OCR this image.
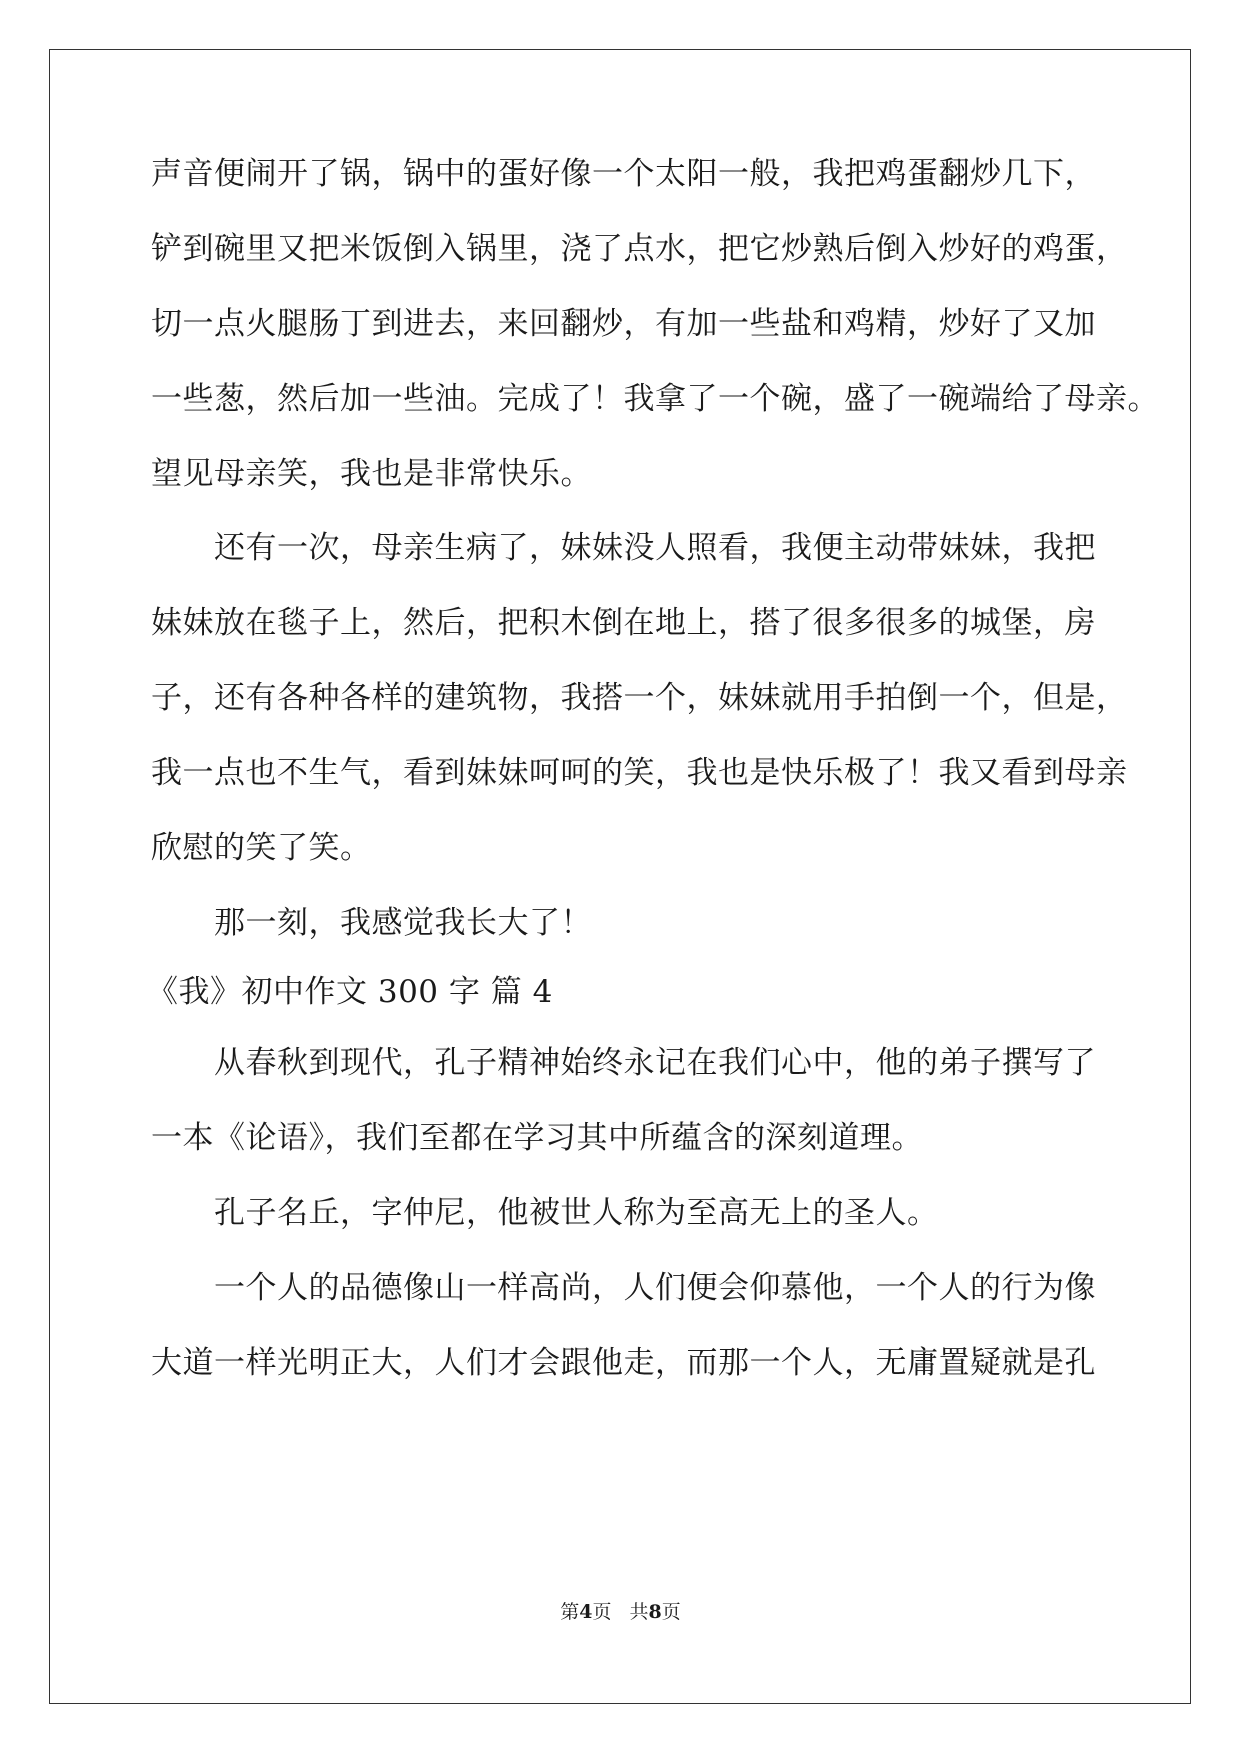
声音便闹开了锅，锅中的蛋好像一个太阳一般，我把鸡蛋翻炒几下，
铲到碗里又把米饭倒入锅里，浇了点水，把它炒熟后倒入炒好的鸡蛋，
切一点火腿肠丁到进去，来回翻炒，有加一些盐和鸡精，炒好了又加
一些葱，然后加一些油。完成了！我拿了一个碗，盛了一碗端给了母亲。
望见母亲笑，我也是非常快乐。
还有一次，母亲生病了，妹妹没人照看，我便主动带妹妹，我把
妹妹放在毯子上，然后，把积木倒在地上，搭了很多很多的城堡，房
子，还有各种各样的建筑物，我搭一个，妹妹就用手拍倒一个，但是，
我一点也不生气，看到妹妹呵呵的笑，我也是快乐极了！我又看到母亲
欣慰的笑了笑。
那一刻，我感觉我长大了！
《我》初中作文 300 字 篇 4
从春秋到现代，孔子精神始终永记在我们心中，他的弟子撰写了
一本《论语》，我们至都在学习其中所蕴含的深刻道理。
孔子名丘，字仲尼，他被世人称为至高无上的圣人。
一个人的品德像山一样高尚，人们便会仰慕他，一个人的行为像
大道一样光明正大，人们才会跟他走，而那一个人，无庸置疑就是孔
第4页 共8页
